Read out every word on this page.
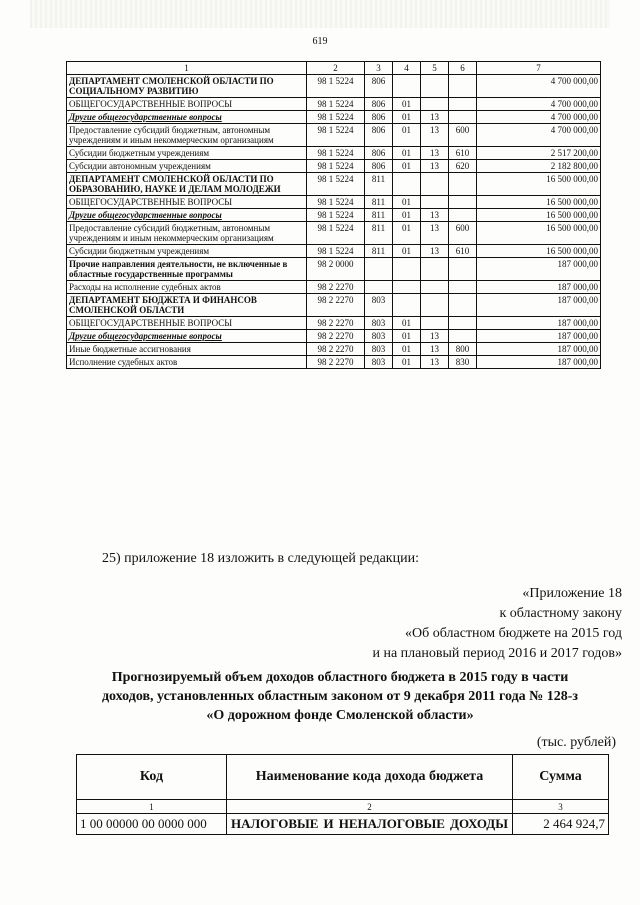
619
1	2	3	4	5	6	7
ДЕПАРТАМЕНТ СМОЛЕНСКОЙ ОБЛАСТИ ПО СОЦИАЛЬНОМУ РАЗВИТИЮ	98 1 5224	806				4 700 000,00
ОБЩЕГОСУДАРСТВЕННЫЕ ВОПРОСЫ	98 1 5224	806	01			4 700 000,00
Другие общегосударственные вопросы	98 1 5224	806	01	13		4 700 000,00
Предоставление субсидий бюджетным, автономным учреждениям и иным некоммерческим организациям	98 1 5224	806	01	13	600	4 700 000,00
Субсидии бюджетным учреждениям	98 1 5224	806	01	13	610	2 517 200,00
Субсидии автономным учреждениям	98 1 5224	806	01	13	620	2 182 800,00
ДЕПАРТАМЕНТ СМОЛЕНСКОЙ ОБЛАСТИ ПО ОБРАЗОВАНИЮ, НАУКЕ И ДЕЛАМ МОЛОДЕЖИ	98 1 5224	811				16 500 000,00
ОБЩЕГОСУДАРСТВЕННЫЕ ВОПРОСЫ	98 1 5224	811	01			16 500 000,00
Другие общегосударственные вопросы	98 1 5224	811	01	13		16 500 000,00
Предоставление субсидий бюджетным, автономным учреждениям и иным некоммерческим организациям	98 1 5224	811	01	13	600	16 500 000,00
Субсидии бюджетным учреждениям	98 1 5224	811	01	13	610	16 500 000,00
Прочие направления деятельности, не включенные в областные государственные программы	98 2 0000					187 000,00
Расходы на исполнение судебных актов	98 2 2270					187 000,00
ДЕПАРТАМЕНТ БЮДЖЕТА И ФИНАНСОВ СМОЛЕНСКОЙ ОБЛАСТИ	98 2 2270	803				187 000,00
ОБЩЕГОСУДАРСТВЕННЫЕ ВОПРОСЫ	98 2 2270	803	01			187 000,00
Другие общегосударственные вопросы	98 2 2270	803	01	13		187 000,00
Иные бюджетные ассигнования	98 2 2270	803	01	13	800	187 000,00
Исполнение судебных актов	98 2 2270	803	01	13	830	187 000,00
25) приложение 18 изложить в следующей редакции:
«Приложение 18
к областному закону
«Об областном бюджете на 2015 год
и на плановый период 2016 и 2017 годов»
Прогнозируемый объем доходов областного бюджета в 2015 году в части
доходов, установленных областным законом от 9 декабря 2011 года № 128-з
«О дорожном фонде Смоленской области»
(тыс. рублей)
Код	Наименование кода дохода бюджета	Сумма
1	2	3
1 00 00000 00 0000 000	НАЛОГОВЫЕ И НЕНАЛОГОВЫЕ ДОХОДЫ	2 464 924,7
